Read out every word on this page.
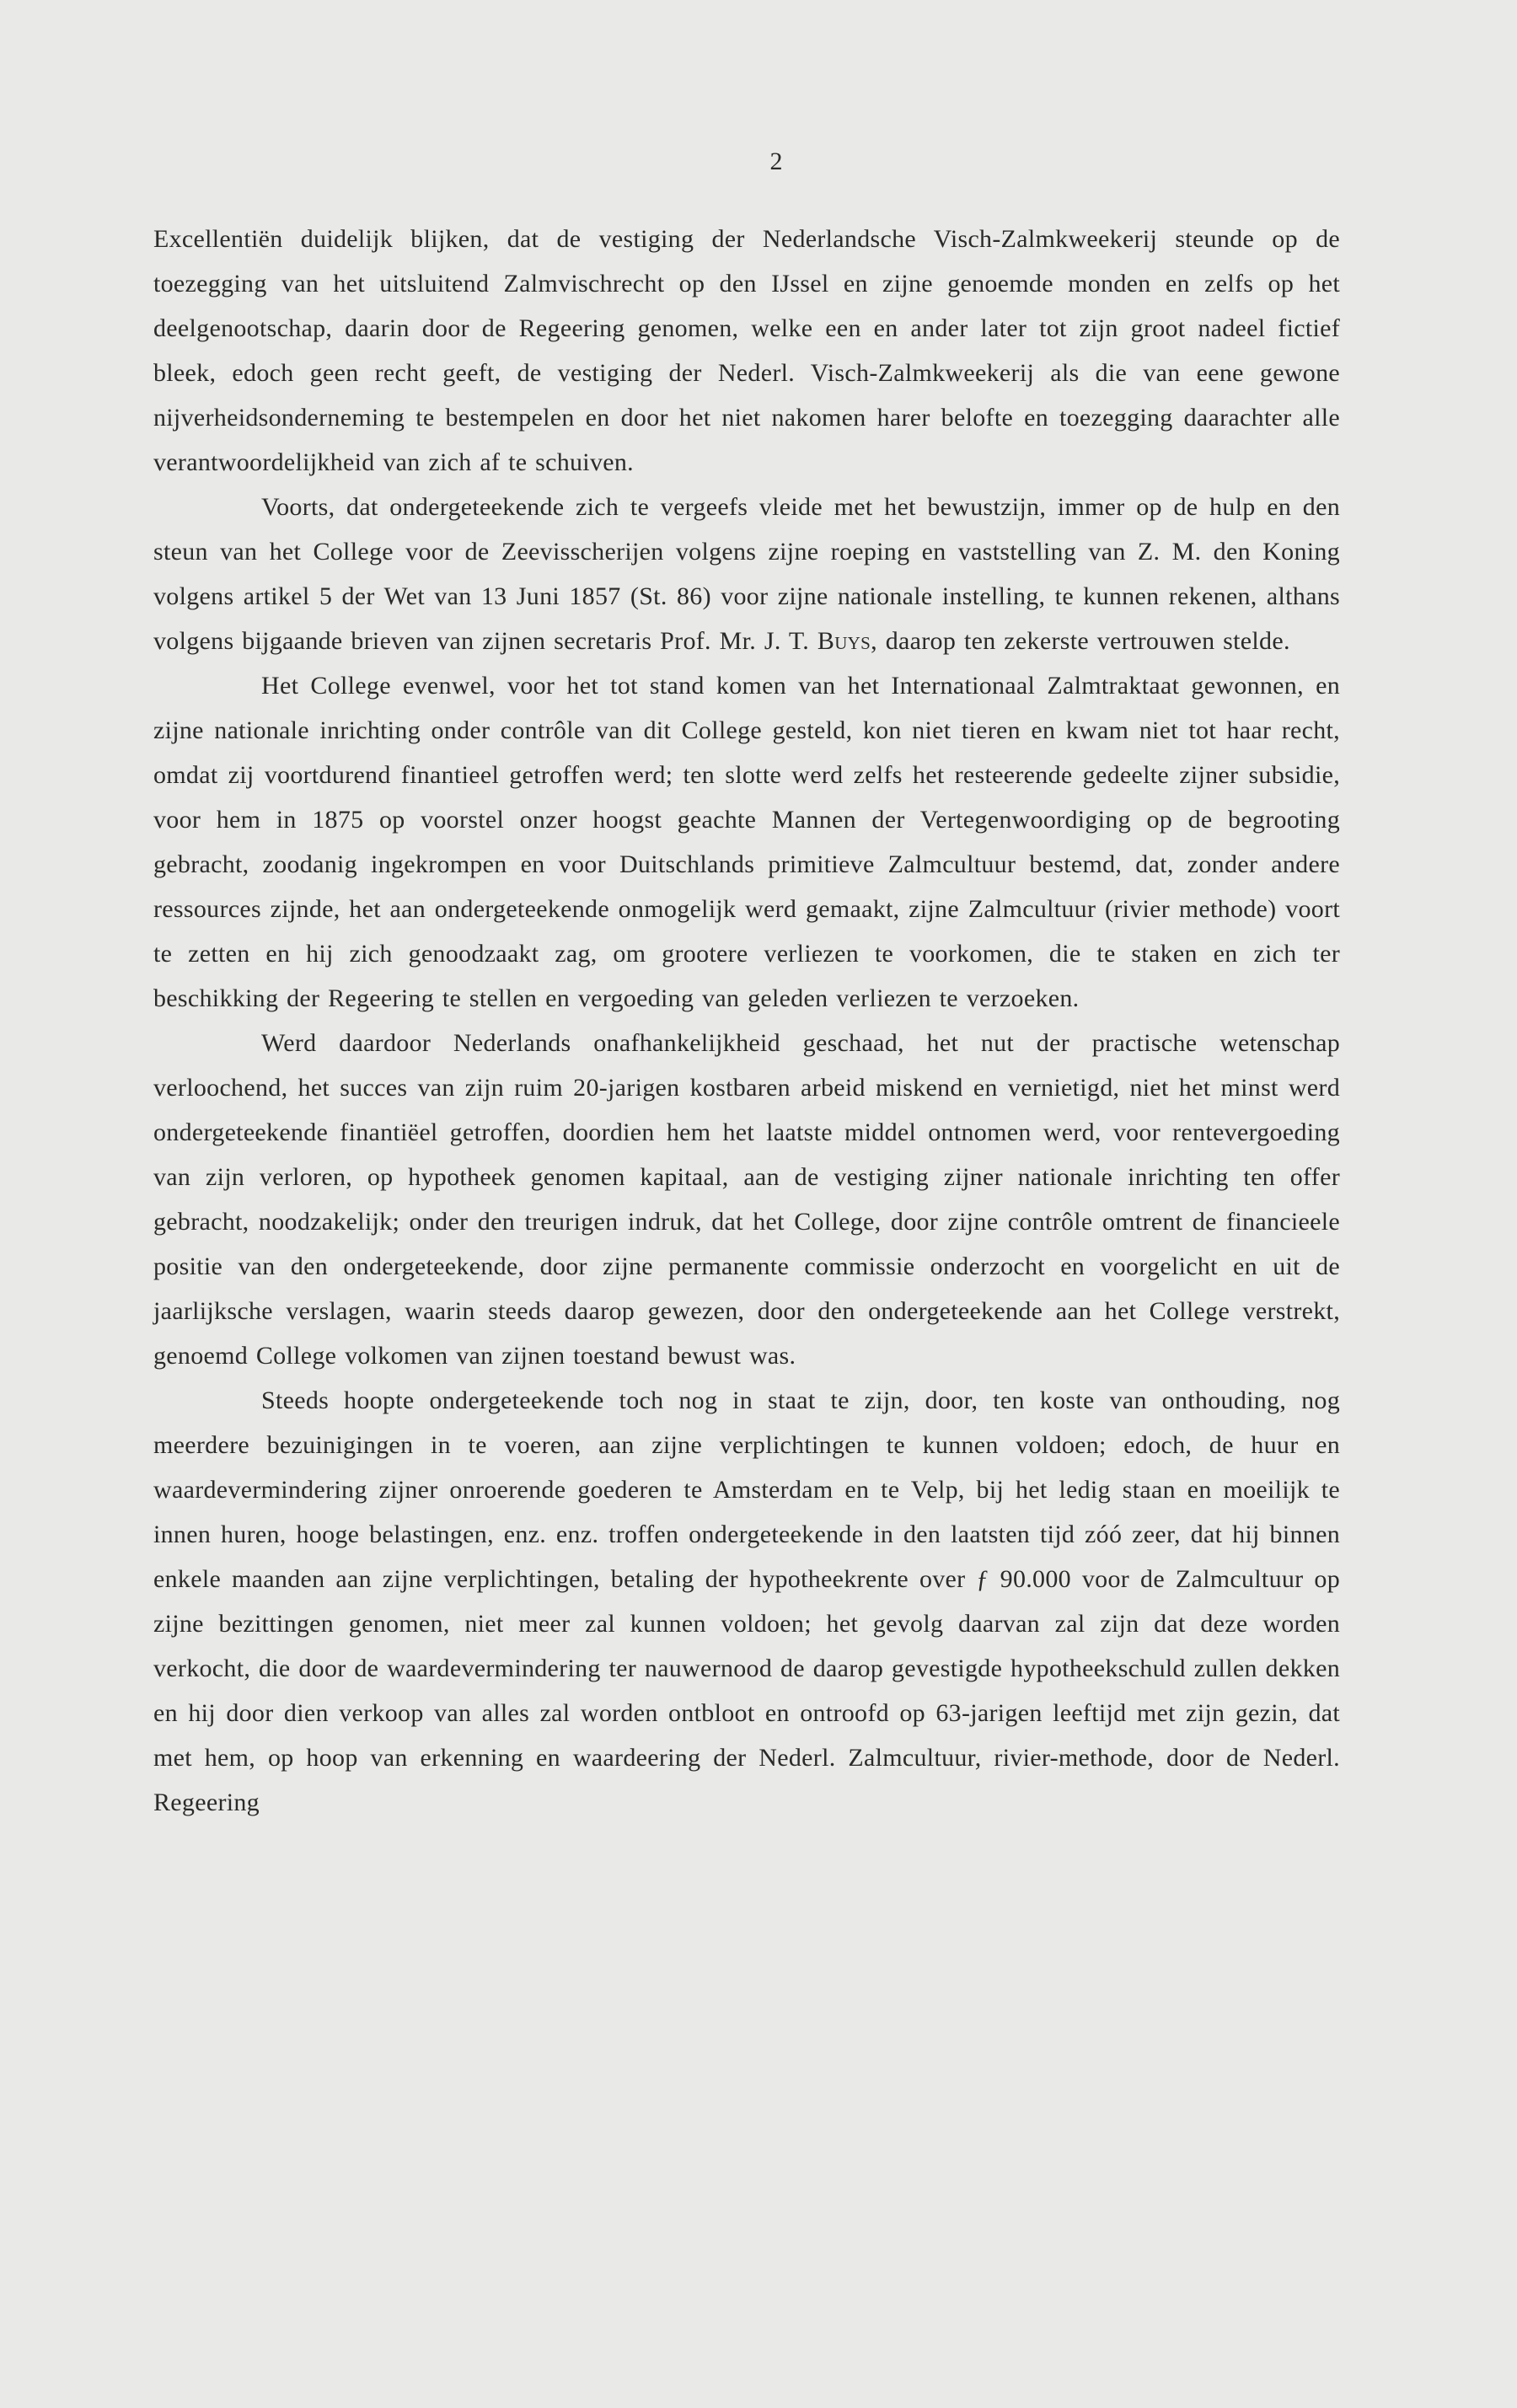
2

Excellentiën duidelijk blijken, dat de vestiging der Nederlandsche Visch-Zalmkweekerij steunde op de toezegging van het uitsluitend Zalmvischrecht op den IJssel en zijne genoemde monden en zelfs op het deelgenootschap, daarin door de Regeering genomen, welke een en ander later tot zijn groot nadeel fictief bleek, edoch geen recht geeft, de vestiging der Nederl. Visch-Zalmkweekerij als die van eene gewone nijverheidsonderneming te bestempelen en door het niet nakomen harer belofte en toezegging daarachter alle verantwoordelijkheid van zich af te schuiven.

Voorts, dat ondergeteekende zich te vergeefs vleide met het bewustzijn, immer op de hulp en den steun van het College voor de Zeevisscherijen volgens zijne roeping en vaststelling van Z. M. den Koning volgens artikel 5 der Wet van 13 Juni 1857 (St. 86) voor zijne nationale instelling, te kunnen rekenen, althans volgens bijgaande brieven van zijnen secretaris Prof. Mr. J. T. Buys, daarop ten zekerste vertrouwen stelde.

Het College evenwel, voor het tot stand komen van het Internationaal Zalmtraktaat gewonnen, en zijne nationale inrichting onder contrôle van dit College gesteld, kon niet tieren en kwam niet tot haar recht, omdat zij voortdurend finantieel getroffen werd; ten slotte werd zelfs het resteerende gedeelte zijner subsidie, voor hem in 1875 op voorstel onzer hoogst geachte Mannen der Vertegenwoordiging op de begrooting gebracht, zoodanig ingekrompen en voor Duitschlands primitieve Zalmcultuur bestemd, dat, zonder andere ressources zijnde, het aan ondergeteekende onmogelijk werd gemaakt, zijne Zalmcultuur (rivier methode) voort te zetten en hij zich genoodzaakt zag, om grootere verliezen te voorkomen, die te staken en zich ter beschikking der Regeering te stellen en vergoeding van geleden verliezen te verzoeken.

Werd daardoor Nederlands onafhankelijkheid geschaad, het nut der practische wetenschap verloochend, het succes van zijn ruim 20-jarigen kostbaren arbeid miskend en vernietigd, niet het minst werd ondergeteekende finantiëel getroffen, doordien hem het laatste middel ontnomen werd, voor rentevergoeding van zijn verloren, op hypotheek genomen kapitaal, aan de vestiging zijner nationale inrichting ten offer gebracht, noodzakelijk; onder den treurigen indruk, dat het College, door zijne contrôle omtrent de financieele positie van den ondergeteekende, door zijne permanente commissie onderzocht en voorgelicht en uit de jaarlijksche verslagen, waarin steeds daarop gewezen, door den ondergeteekende aan het College verstrekt, genoemd College volkomen van zijnen toestand bewust was.

Steeds hoopte ondergeteekende toch nog in staat te zijn, door, ten koste van onthouding, nog meerdere bezuinigingen in te voeren, aan zijne verplichtingen te kunnen voldoen; edoch, de huur en waardevermindering zijner onroerende goederen te Amsterdam en te Velp, bij het ledig staan en moeilijk te innen huren, hooge belastingen, enz. enz. troffen ondergeteekende in den laatsten tijd zóó zeer, dat hij binnen enkele maanden aan zijne verplichtingen, betaling der hypotheekrente over ƒ 90.000 voor de Zalmcultuur op zijne bezittingen genomen, niet meer zal kunnen voldoen; het gevolg daarvan zal zijn dat deze worden verkocht, die door de waardevermindering ter nauwernood de daarop gevestigde hypotheekschuld zullen dekken en hij door dien verkoop van alles zal worden ontbloot en ontroofd op 63-jarigen leeftijd met zijn gezin, dat met hem, op hoop van erkenning en waardeering der Nederl. Zalmcultuur, rivier-methode, door de Nederl. Regeering
